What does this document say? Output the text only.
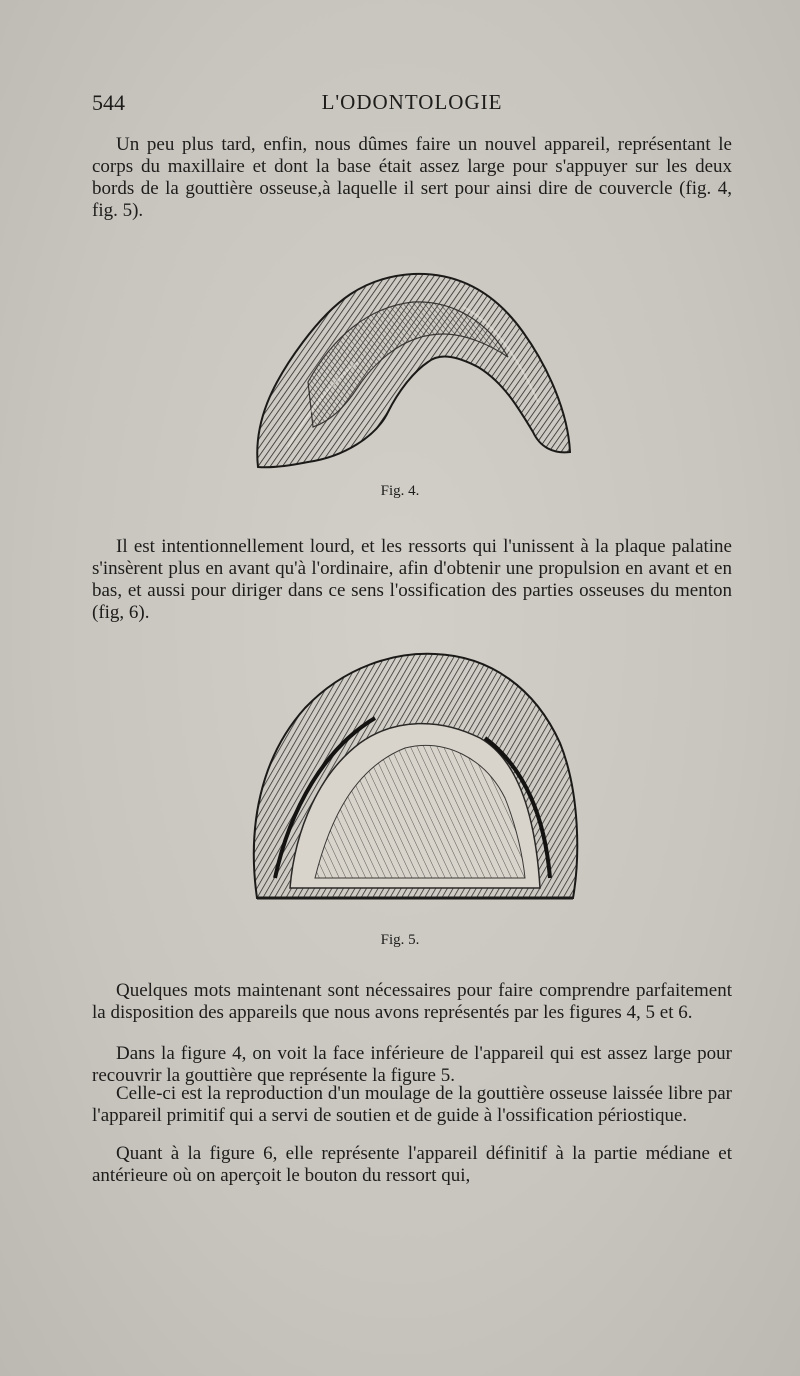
544	L'ODONTOLOGIE

Un peu plus tard, enfin, nous dûmes faire un nouvel appareil, représentant le corps du maxillaire et dont la base était assez large pour s'appuyer sur les deux bords de la gouttière osseuse,à laquelle il sert pour ainsi dire de couvercle (fig. 4, fig. 5).

Fig. 4.

Il est intentionnellement lourd, et les ressorts qui l'unissent à la plaque palatine s'insèrent plus en avant qu'à l'ordinaire, afin d'obtenir une propulsion en avant et en bas, et aussi pour diriger dans ce sens l'ossification des parties osseuses du menton (fig, 6).

Fig. 5.

Quelques mots maintenant sont nécessaires pour faire comprendre parfaitement la disposition des appareils que nous avons représentés par les figures 4, 5 et 6.

Dans la figure 4, on voit la face inférieure de l'appareil qui est assez large pour recouvrir la gouttière que représente la figure 5.

Celle-ci est la reproduction d'un moulage de la gouttière osseuse laissée libre par l'appareil primitif qui a servi de soutien et de guide à l'ossification périostique.

Quant à la figure 6, elle représente l'appareil définitif à la partie médiane et antérieure où on aperçoit le bouton du ressort qui,
